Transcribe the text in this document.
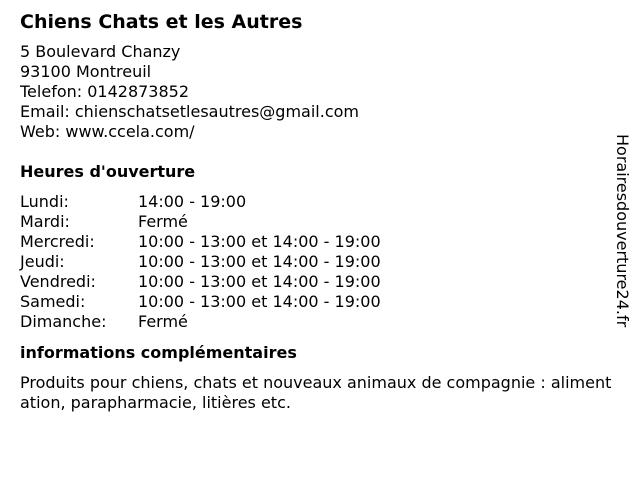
Chiens Chats et les Autres
5 Boulevard Chanzy
93100 Montreuil
Telefon: 0142873852
Email: chienschatsetlesautres@gmail.com
Web: www.ccela.com/
Heures d'ouverture
Lundi:	14:00 - 19:00
Mardi:	Fermé
Mercredi:	10:00 - 13:00 et 14:00 - 19:00
Jeudi:	10:00 - 13:00 et 14:00 - 19:00
Vendredi:	10:00 - 13:00 et 14:00 - 19:00
Samedi:	10:00 - 13:00 et 14:00 - 19:00
Dimanche:	Fermé
informations complémentaires
Produits pour chiens, chats et nouveaux animaux de compagnie : alimentation, parapharmacie, litières etc.
Horairesdouverture24.fr
